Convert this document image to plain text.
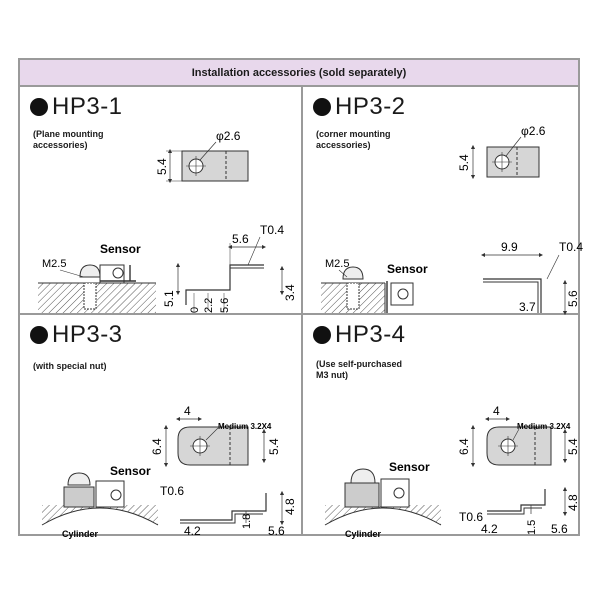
Installation accessories (sold separately)
φ2.6
5.4
5.6
T0.4
5.1	3.4
0 2.2 5.6
M2.5
Sensor
HP3-1
(Plane mounting
accessories)
φ2.6
5.4
9.9	T0.4
5.6
3.7
M2.5	Sensor
HP3-2
(corner mounting
accessories)
4
Medium 3.2X4
6.4	5.4
T0.6
4.8
1.8
4.2	5.6
Sensor
Cylinder
HP3-3
(with special nut)
4
Medium 3.2X4
6.4	5.4
T0.6
4.8
1.5
4.2	5.6
Sensor
Cylinder
HP3-4
(Use self-purchased
M3 nut)
